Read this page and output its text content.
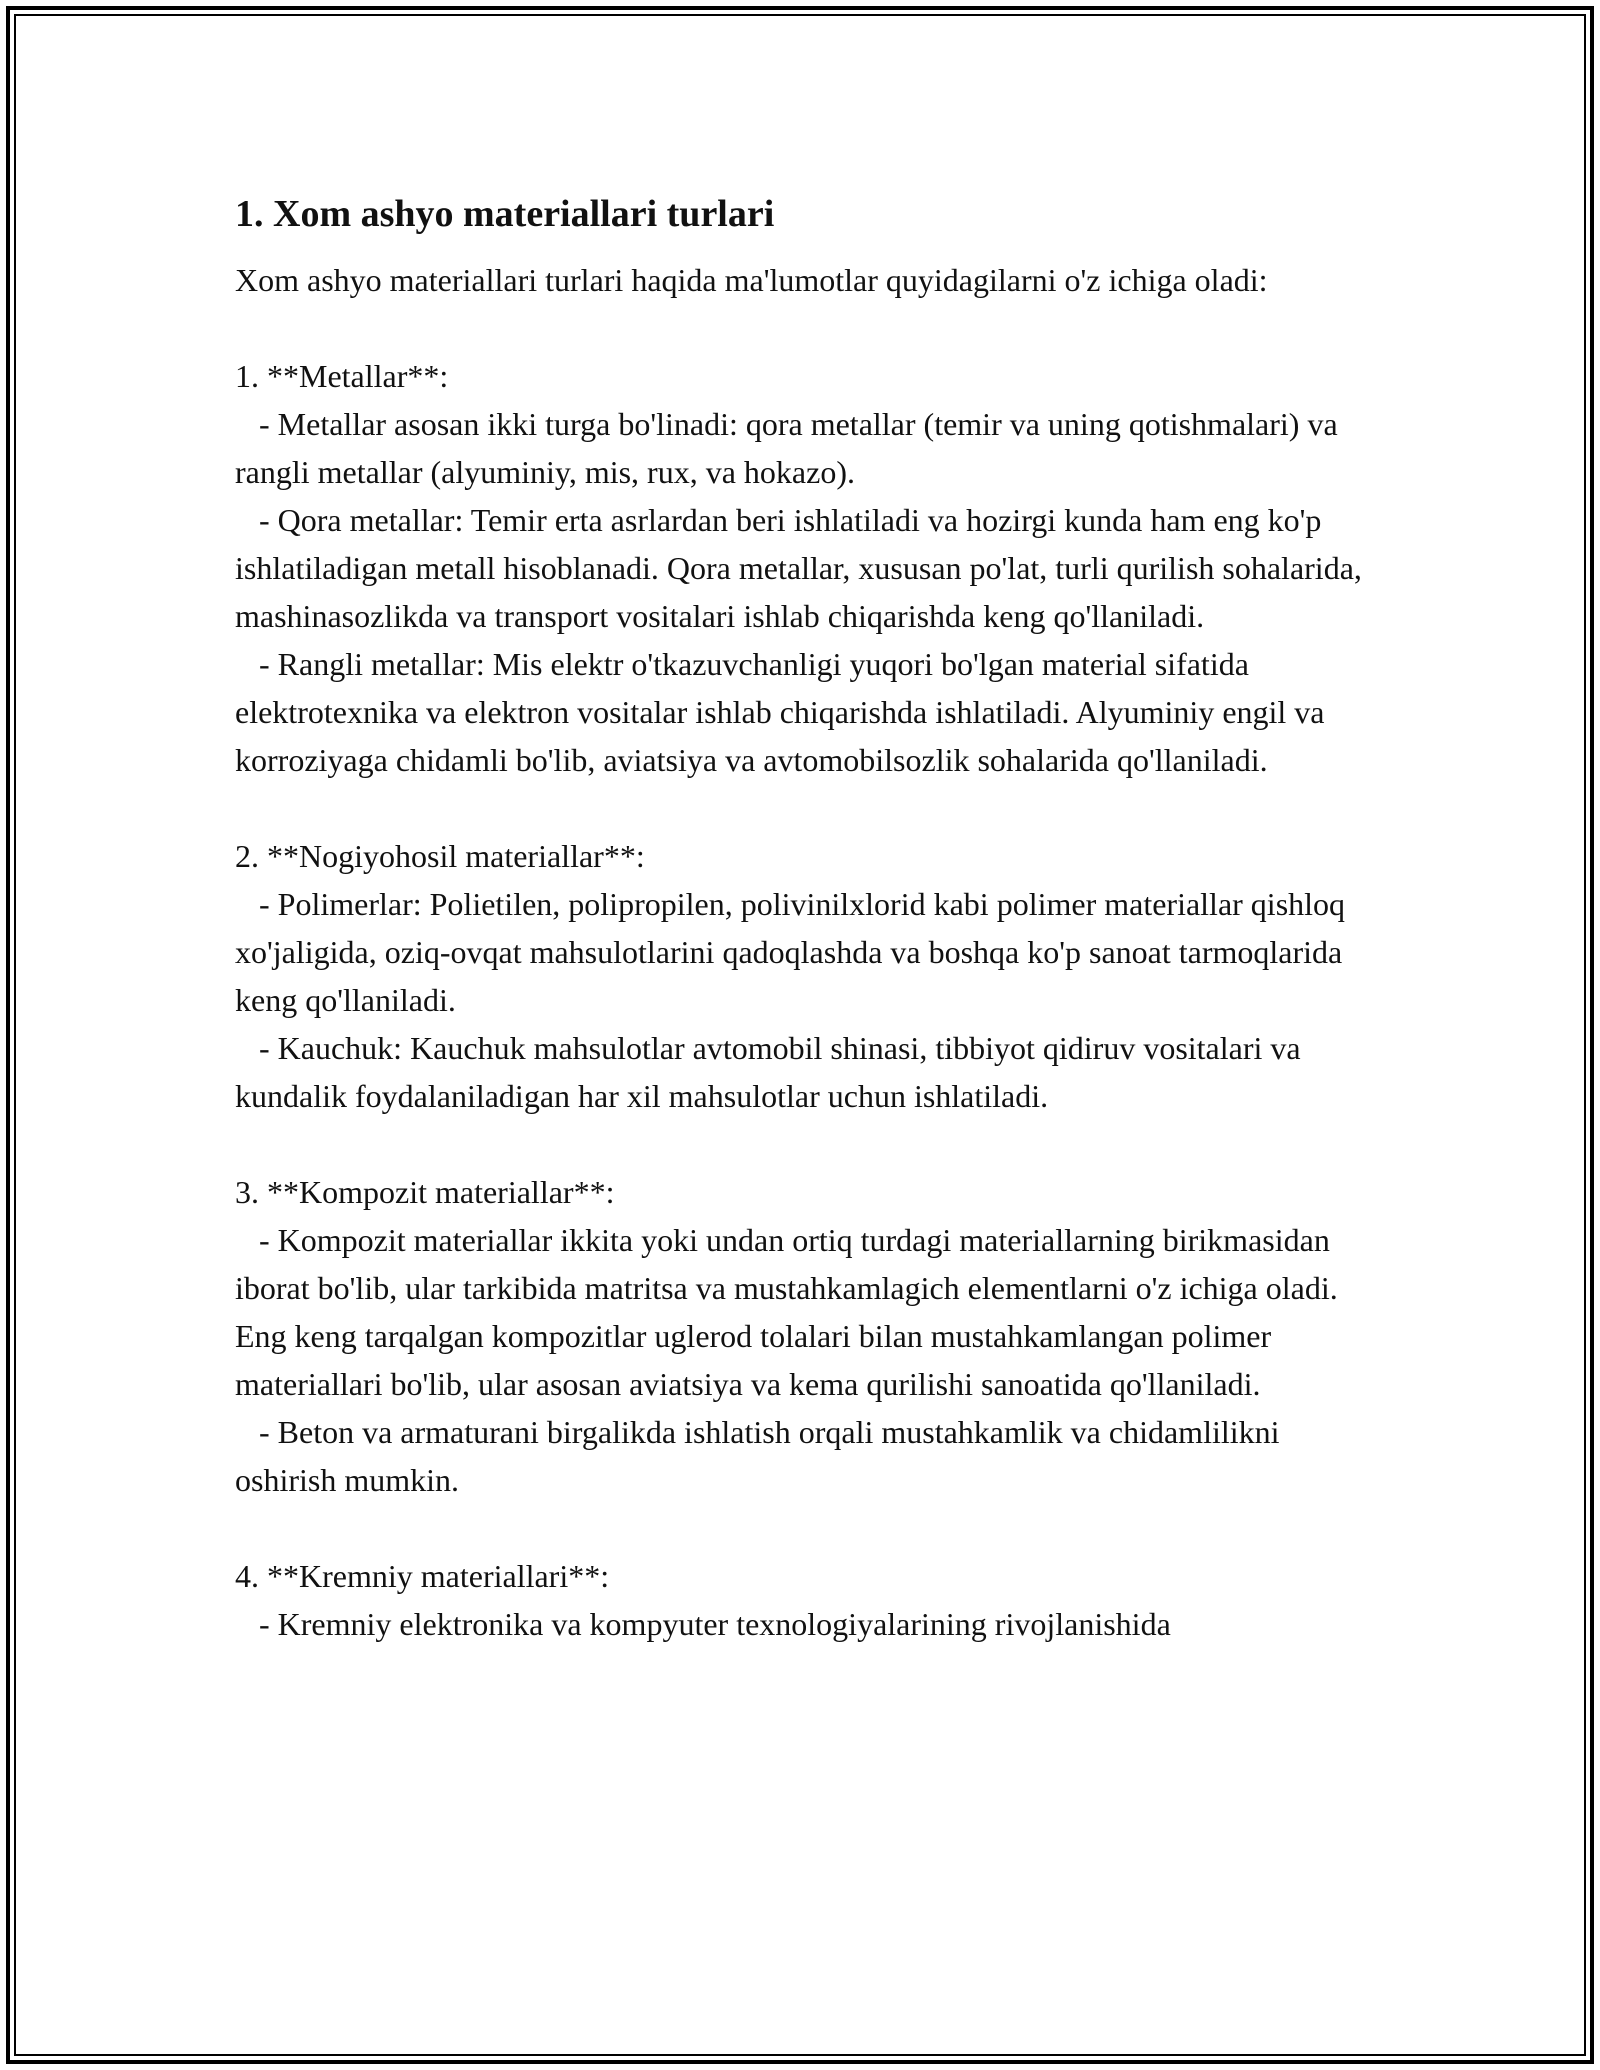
1. Xom ashyo materiallari turlari

Xom ashyo materiallari turlari haqida ma'lumotlar quyidagilarni o'z ichiga oladi:

1. **Metallar**:

- Metallar asosan ikki turga bo'linadi: qora metallar (temir va uning qotishmalari) va rangli metallar (alyuminiy, mis, rux, va hokazo).

- Qora metallar: Temir erta asrlardan beri ishlatiladi va hozirgi kunda ham eng ko'p ishlatiladigan metall hisoblanadi. Qora metallar, xususan po'lat, turli qurilish sohalarida, mashinasozlikda va transport vositalari ishlab chiqarishda keng qo'llaniladi.

- Rangli metallar: Mis elektr o'tkazuvchanligi yuqori bo'lgan material sifatida elektrotexnika va elektron vositalar ishlab chiqarishda ishlatiladi. Alyuminiy engil va korroziyaga chidamli bo'lib, aviatsiya va avtomobilsozlik sohalarida qo'llaniladi.

2. **Nogiyohosil materiallar**:

- Polimerlar: Polietilen, polipropilen, polivinilxlorid kabi polimer materiallar qishloq xo'jaligida, oziq-ovqat mahsulotlarini qadoqlashda va boshqa ko'p sanoat tarmoqlarida keng qo'llaniladi.

- Kauchuk: Kauchuk mahsulotlar avtomobil shinasi, tibbiyot qidiruv vositalari va kundalik foydalaniladigan har xil mahsulotlar uchun ishlatiladi.

3. **Kompozit materiallar**:

- Kompozit materiallar ikkita yoki undan ortiq turdagi materiallarning birikmasidan iborat bo'lib, ular tarkibida matritsa va mustahkamlagich elementlarni o'z ichiga oladi. Eng keng tarqalgan kompozitlar uglerod tolalari bilan mustahkamlangan polimer materiallari bo'lib, ular asosan aviatsiya va kema qurilishi sanoatida qo'llaniladi.

- Beton va armaturani birgalikda ishlatish orqali mustahkamlik va chidamlilikni oshirish mumkin.

4. **Kremniy materiallari**:

- Kremniy elektronika va kompyuter texnologiyalarining rivojlanishida
